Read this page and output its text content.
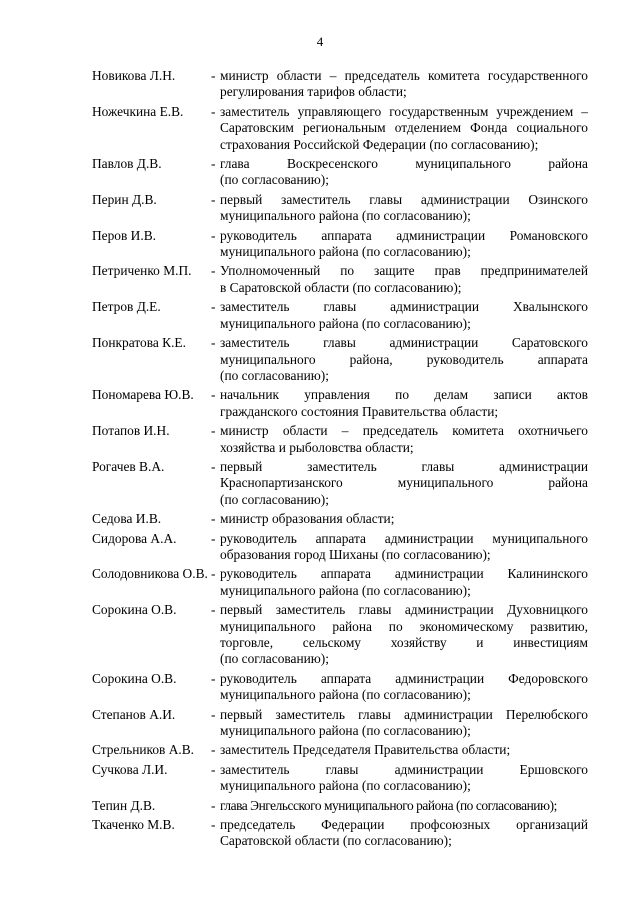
4
Новикова Л.Н.	- министр области – председатель комитета государственного
регулирования тарифов области;
Ножечкина Е.В.	- заместитель управляющего государственным учреждением –
Саратовским региональным отделением Фонда социального
страхования Российской Федерации (по согласованию);
Павлов Д.В.	- глава Воскресенского муниципального района
(по согласованию);
Перин Д.В.	- первый заместитель главы администрации Озинского
муниципального района (по согласованию);
Перов И.В.	- руководитель аппарата администрации Романовского
муниципального района (по согласованию);
Петриченко М.П.	- Уполномоченный по защите прав предпринимателей
в Саратовской области (по согласованию);
Петров Д.Е.	- заместитель главы администрации Хвалынского
муниципального района (по согласованию);
Понкратова К.Е.	- заместитель главы администрации Саратовского
муниципального района, руководитель аппарата
(по согласованию);
Пономарева Ю.В.	- начальник управления по делам записи актов
гражданского состояния Правительства области;
Потапов И.Н.	- министр области – председатель комитета охотничьего
хозяйства и рыболовства области;
Рогачев В.А.	- первый заместитель главы администрации
Краснопартизанского муниципального района
(по согласованию);
Седова И.В.	- министр образования области;
Сидорова А.А.	- руководитель аппарата администрации муниципального
образования город Шиханы (по согласованию);
Солодовникова О.В. - руководитель аппарата администрации Калининского
муниципального района (по согласованию);
Сорокина О.В.	- первый заместитель главы администрации Духовницкого
муниципального района по экономическому развитию,
торговле, сельскому хозяйству и инвестициям
(по согласованию);
Сорокина О.В.	- руководитель аппарата администрации Федоровского
муниципального района (по согласованию);
Степанов А.И.	- первый заместитель главы администрации Перелюбского
муниципального района (по согласованию);
Стрельников А.В.	- заместитель Председателя Правительства области;
Сучкова Л.И.	- заместитель главы администрации Ершовского
муниципального района (по согласованию);
Тепин Д.В.	- глава Энгельсского муниципального района (по согласованию);
Ткаченко М.В.	- председатель Федерации профсоюзных организаций
Саратовской области (по согласованию);
